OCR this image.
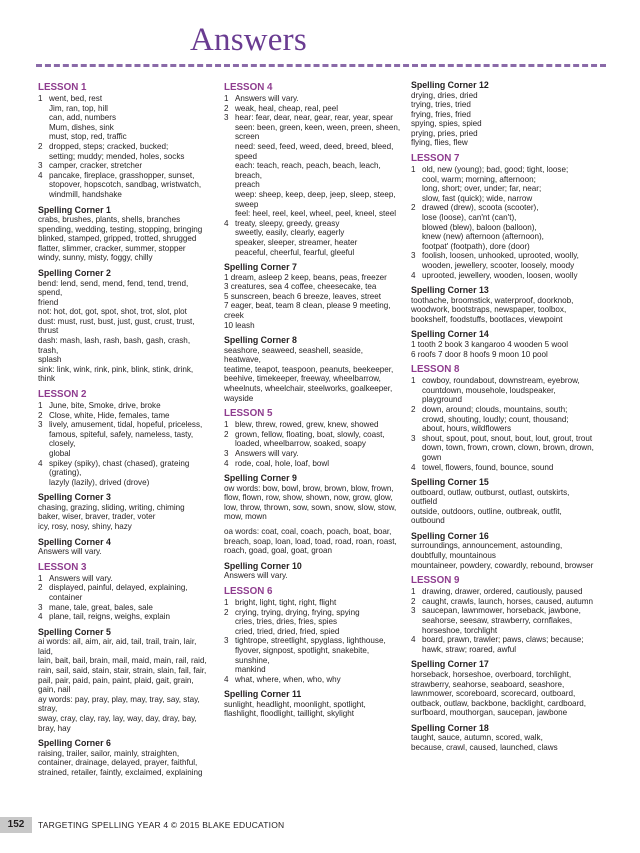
Answers
LESSON 1
1 went, bed, rest
Jim, ran, top, hill
can, add, numbers
Mum, dishes, sink
must, stop, red, traffic
2 dropped, steps; cracked, bucked;
setting; muddy; mended, holes, socks
3 camper, cracker, stretcher
4 pancake, fireplace, grasshopper, sunset,
stopover, hopscotch, sandbag, wristwatch,
windmill, handshake
Spelling Corner 1
crabs, brushes, plants, shells, branches
spending, wedding, testing, stopping, bringing
blinked, stamped, gripped, trotted, shrugged
flatter, slimmer, cracker, summer, stopper
windy, sunny, misty, foggy, chilly
Spelling Corner 2
bend: lend, send, mend, fend, tend, trend, spend,
friend
not: hot, dot, got, spot, shot, trot, slot, plot
dust: must, rust, bust, just, gust, crust, trust, thrust
dash: mash, lash, rash, bash, gash, crash, trash,
splash
sink: link, wink, rink, pink, blink, stink, drink, think
LESSON 2
1 June, bite, Smoke, drive, broke
2 Close, white, Hide, females, tame
3 lively, amusement, tidal, hopeful, priceless,
famous, spiteful, safely, nameless, tasty, closely,
global
4 spikey (spiky), chast (chased), grateing (grating),
lazyly (lazily), drived (drove)
Spelling Corner 3
chasing, grazing, sliding, writing, chiming
baker, wiser, braver, trader, voter
icy, rosy, nosy, shiny, hazy
Spelling Corner 4
Answers will vary.
LESSON 3
1 Answers will vary.
2 displayed, painful, delayed, explaining,
container
3 mane, tale, great, bales, sale
4 plane, tail, reigns, weighs, explain
Spelling Corner 5
ai words: ail, aim, air, aid, tail, trail, train, lair, laid,
lain, bait, bail, brain, mail, maid, main, rail, raid,
rain, sail, said, stain, stair, strain, slain, fail, fair,
pail, pair, paid, pain, paint, plaid, gait, grain,
gain, nail
ay words: pay, pray, play, may, tray, say, stay, stray,
sway, cray, clay, ray, lay, way, day, dray, bay,
bray, hay
Spelling Corner 6
raising, trailer, sailor, mainly, straighten,
container, drainage, delayed, prayer, faithful,
strained, retailer, faintly, exclaimed, explaining
LESSON 4
1 Answers will vary.
2 weak, heal, cheap, real, peel
3 hear: fear, dear, near, gear, rear, year, spear
seen: been, green, keen, ween, preen, sheen,
screen
need: seed, feed, weed, deed, breed, bleed,
speed
each: teach, reach, peach, beach, leach, breach,
preach
weep: sheep, keep, deep, jeep, sleep, steep,
sweep
feel: heel, reel, keel, wheel, peel, kneel, steel
4 treaty, sleepy, greedy, greasy
sweetly, easily, clearly, eagerly
speaker, sleeper, streamer, heater
peaceful, cheerful, fearful, gleeful
Spelling Corner 7
1 dream, asleep 2 keep, beans, peas, freezer
3 creatures, sea 4 coffee, cheesecake, tea
5 sunscreen, beach 6 breeze, leaves, street
7 eager, beat, team 8 clean, please 9 meeting, creek
10 leash
Spelling Corner 8
seashore, seaweed, seashell, seaside, heatwave,
teatime, teapot, teaspoon, peanuts, beekeeper,
beehive, timekeeper, freeway, wheelbarrow,
wheelnuts, wheelchair, steelworks, goalkeeper,
wayside
LESSON 5
1 blew, threw, rowed, grew, knew, showed
2 grown, fellow, floating, boat, slowly, coast,
loaded, wheelbarrow, soaked, soapy
3 Answers will vary.
4 rode, coal, hole, loaf, bowl
Spelling Corner 9
ow words: bow, bowl, brow, brown, blow, frown,
flow, flown, row, show, shown, now, grow, glow,
low, throw, thrown, sow, sown, snow, slow, stow,
mow, mown
oa words: coat, coal, coach, poach, boat, boar,
breach, soap, loan, load, toad, road, roan, roast,
roach, goad, goal, goat, groan
Spelling Corner 10
Answers will vary.
LESSON 6
1 bright, light, tight, right, flight
2 crying, trying, drying, frying, spying
cries, tries, dries, fries, spies
cried, tried, dried, fried, spied
3 tightrope, streetlight, spyglass, lighthouse,
flyover, signpost, spotlight, snakebite, sunshine,
mankind
4 what, where, when, who, why
Spelling Corner 11
sunlight, headlight, moonlight, spotlight,
flashlight, floodlight, taillight, skylight
Spelling Corner 12
drying, dries, dried
trying, tries, tried
frying, fries, fried
spying, spies, spied
prying, pries, pried
flying, flies, flew
LESSON 7
1 old, new (young); bad, good; tight, loose;
cool, warm; morning, afternoon;
long, short; over, under; far, near;
slow, fast (quick); wide, narrow
2 drawed (drew), scoota (scooter),
lose (loose), can'nt (can't),
blowed (blew), baloon (balloon),
knew (new) afternoon (afternoon),
footpat' (footpath), dore (door)
3 foolish, loosen, unhooked, uprooted, woolly,
wooden, jewellery, scooter, loosely, moody
4 uprooted, jewellery, wooden, loosen, woolly
Spelling Corner 13
toothache, broomstick, waterproof, doorknob,
woodwork, bootstraps, newspaper, toolbox,
bookshelf, foodstuffs, bootlaces, viewpoint
Spelling Corner 14
1 tooth 2 book 3 kangaroo 4 wooden 5 wool
6 roofs 7 door 8 hoofs 9 moon 10 pool
LESSON 8
1 cowboy, roundabout, downstream, eyebrow,
countdown, mousehole, loudspeaker,
playground
2 down, around; clouds, mountains, south;
crowd, shouting, loudly; count, thousand;
about, hours, wildflowers
3 shout, spout, pout, snout, bout, lout, grout, trout
down, town, frown, crown, clown, brown, drown,
gown
4 towel, flowers, found, bounce, sound
Spelling Corner 15
outboard, outlaw, outburst, outlast, outskirts,
outfield
outside, outdoors, outline, outbreak, outfit,
outbound
Spelling Corner 16
surroundings, announcement, astounding,
doubtfully, mountainous
mountaineer, powdery, cowardly, rebound, browser
LESSON 9
1 drawing, drawer, ordered, cautiously, paused
2 caught, crawls, launch, horses, caused, autumn
3 saucepan, lawnmower, horseback, jawbone,
seahorse, seesaw, strawberry, cornflakes,
horseshoe, torchlight
4 board, prawn, trawler; paws, claws; because;
hawk, straw; roared, awful
Spelling Corner 17
horseback, horseshoe, overboard, torchlight,
strawberry, seahorse, seaboard, seashore,
lawnmower, scoreboard, scorecard, outboard,
outback, outlaw, backbone, backlight, cardboard,
surfboard, mouthorgan, saucepan, jawbone
Spelling Corner 18
taught, sauce, autumn, scored, walk,
because, crawl, caused, launched, claws
152	TARGETING SPELLING YEAR 4 © 2015 BLAKE EDUCATION
